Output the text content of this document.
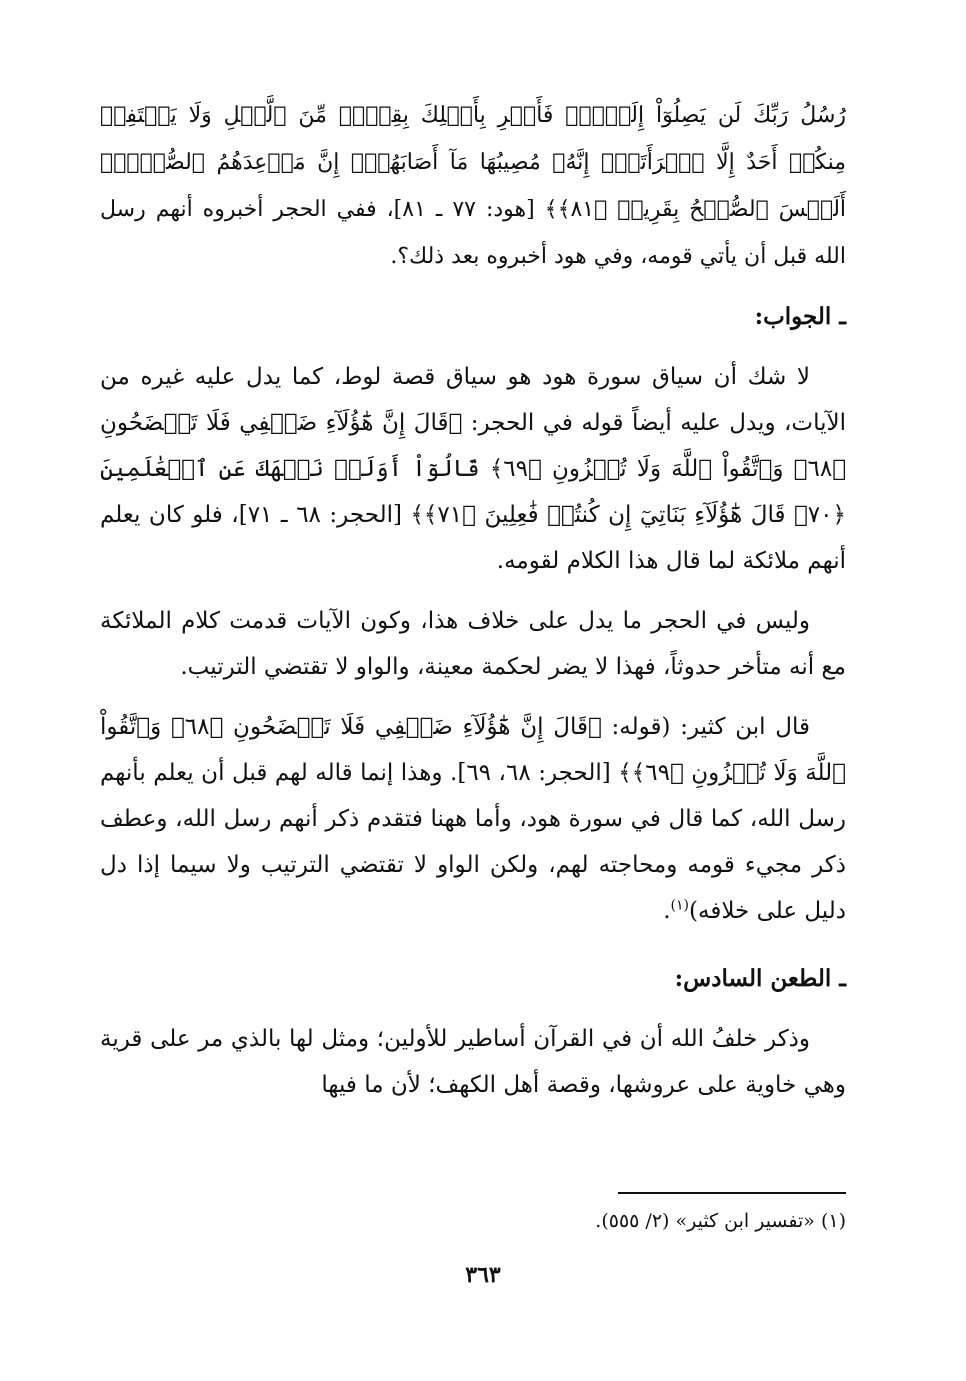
رُسُلُ رَبِّكَ لَن يَصِلُوٓاْ إِلَيۡكَۖ فَأَسۡرِ بِأَهۡلِكَ بِقِطۡعٖ مِّنَ ٱلَّيۡلِ وَلَا يَلۡتَفِتۡ مِنكُمۡ أَحَدٌ إِلَّا ٱمۡرَأَتَكَۖ إِنَّهُۥ مُصِيبُهَا مَآ أَصَابَهُمۡۚ إِنَّ مَوۡعِدَهُمُ ٱلصُّبۡحُۚ أَلَيۡسَ ٱلصُّبۡحُ بِقَرِيبٖ ﴿٨١﴾﴾ [هود: ٧٧ ـ ٨١]، ففي الحجر أخبروه أنهم رسل الله قبل أن يأتي قومه، وفي هود أخبروه بعد ذلك؟.

ـ الجواب:

لا شك أن سياق سورة هود هو سياق قصة لوط، كما يدل عليه غيره من الآيات، ويدل عليه أيضاً قوله في الحجر: ﴿قَالَ إِنَّ هَٰٓؤُلَآءِ ضَيۡفِي فَلَا تَفۡضَحُونِ ﴿٦٨﴾ وَٱتَّقُواْ ٱللَّهَ وَلَا تُخۡزُونِ ﴿٦٩﴾ قَالُوٓاْ أَوَلَمۡ نَنۡهَكَ عَنِ ٱلۡعَٰلَمِينَ ﴿٧٠﴾ قَالَ هَٰٓؤُلَآءِ بَنَاتِيٓ إِن كُنتُمۡ فَٰعِلِينَ ﴿٧١﴾﴾ [الحجر: ٦٨ ـ ٧١]، فلو كان يعلم أنهم ملائكة لما قال هذا الكلام لقومه.

وليس في الحجر ما يدل على خلاف هذا، وكون الآيات قدمت كلام الملائكة مع أنه متأخر حدوثاً، فهذا لا يضر لحكمة معينة، والواو لا تقتضي الترتيب.

قال ابن كثير: (قوله: ﴿قَالَ إِنَّ هَٰٓؤُلَآءِ ضَيۡفِي فَلَا تَفۡضَحُونِ ﴿٦٨﴾ وَٱتَّقُواْ ٱللَّهَ وَلَا تُخۡزُونِ ﴿٦٩﴾﴾ [الحجر: ٦٨، ٦٩]. وهذا إنما قاله لهم قبل أن يعلم بأنهم رسل الله، كما قال في سورة هود، وأما ههنا فتقدم ذكر أنهم رسل الله، وعطف ذكر مجيء قومه ومحاجته لهم، ولكن الواو لا تقتضي الترتيب ولا سيما إذا دل دليل على خلافه)$^{(١)}$.

ـ الطعن السادس:

وذكر خلفُ الله أن في القرآن أساطير للأولين؛ ومثل لها بالذي مر على قرية وهي خاوية على عروشها، وقصة أهل الكهف؛ لأن ما فيها

(١) «تفسير ابن كثير» (٢/ ٥٥٥).
٣٦٣
